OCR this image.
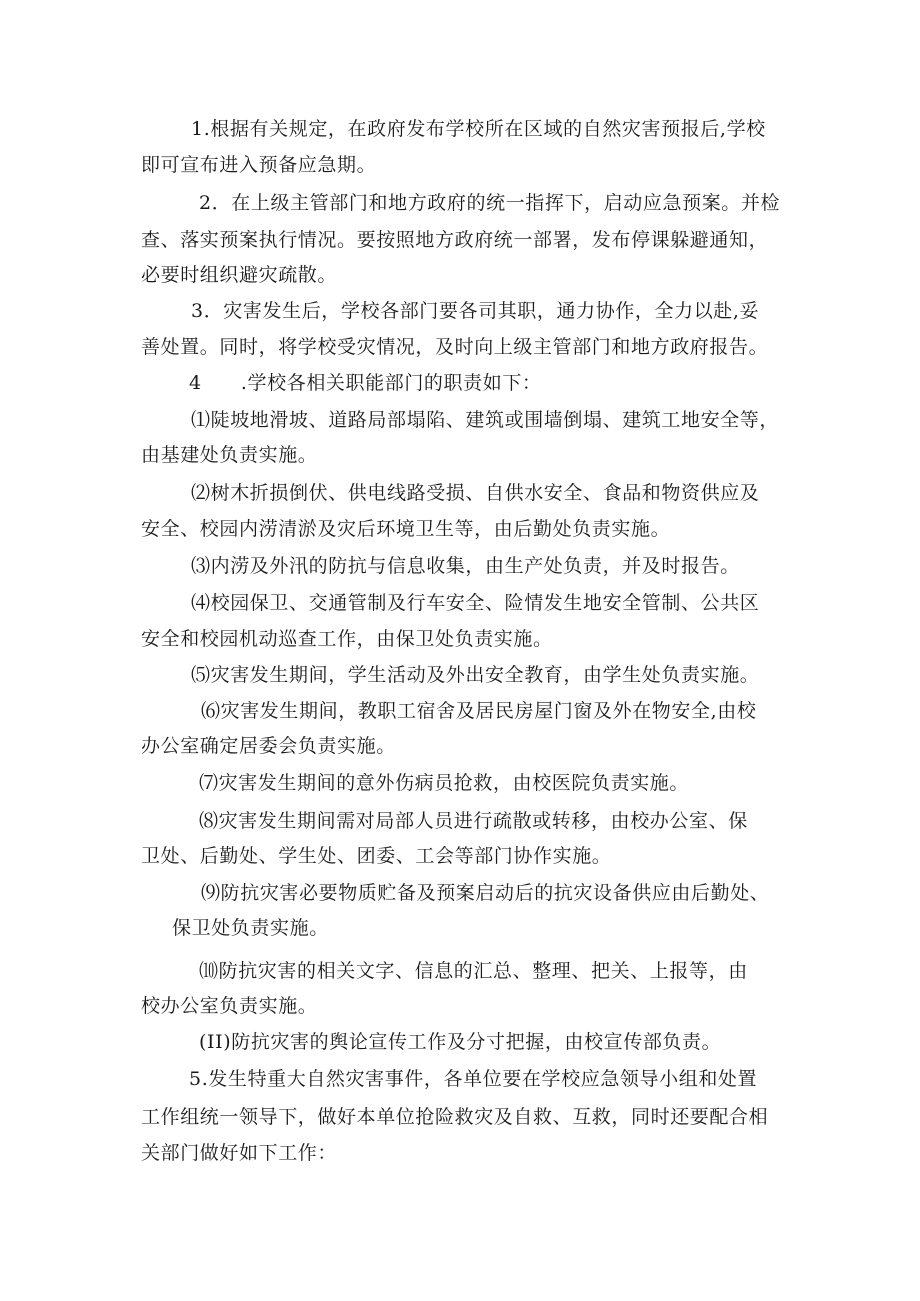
1.根据有关规定，在政府发布学校所在区域的自然灾害预报后,学校
即可宣布进入预备应急期。
2．在上级主管部门和地方政府的统一指挥下，启动应急预案。并检
查、落实预案执行情况。要按照地方政府统一部署，发布停课躲避通知，
必要时组织避灾疏散。
3．灾害发生后，学校各部门要各司其职，通力协作，全力以赴,妥
善处置。同时，将学校受灾情况，及时向上级主管部门和地方政府报告。
4　　.学校各相关职能部门的职责如下：
⑴陡坡地滑坡、道路局部塌陷、建筑或围墙倒塌、建筑工地安全等，
由基建处负责实施。
⑵树木折损倒伏、供电线路受损、自供水安全、食品和物资供应及
安全、校园内涝清淤及灾后环境卫生等，由后勤处负责实施。
⑶内涝及外汛的防抗与信息收集，由生产处负责，并及时报告。
⑷校园保卫、交通管制及行车安全、险情发生地安全管制、公共区
安全和校园机动巡查工作，由保卫处负责实施。
⑸灾害发生期间，学生活动及外出安全教育，由学生处负责实施。
⑹灾害发生期间，教职工宿舍及居民房屋门窗及外在物安全,由校
办公室确定居委会负责实施。
⑺灾害发生期间的意外伤病员抢救，由校医院负责实施。
⑻灾害发生期间需对局部人员进行疏散或转移，由校办公室、保
卫处、后勤处、学生处、团委、工会等部门协作实施。
⑼防抗灾害必要物质贮备及预案启动后的抗灾设备供应由后勤处、
保卫处负责实施。
⑽防抗灾害的相关文字、信息的汇总、整理、把关、上报等，由
校办公室负责实施。
(II)防抗灾害的舆论宣传工作及分寸把握，由校宣传部负责。
5.发生特重大自然灾害事件，各单位要在学校应急领导小组和处置
工作组统一领导下，做好本单位抢险救灾及自救、互救，同时还要配合相
关部门做好如下工作：
